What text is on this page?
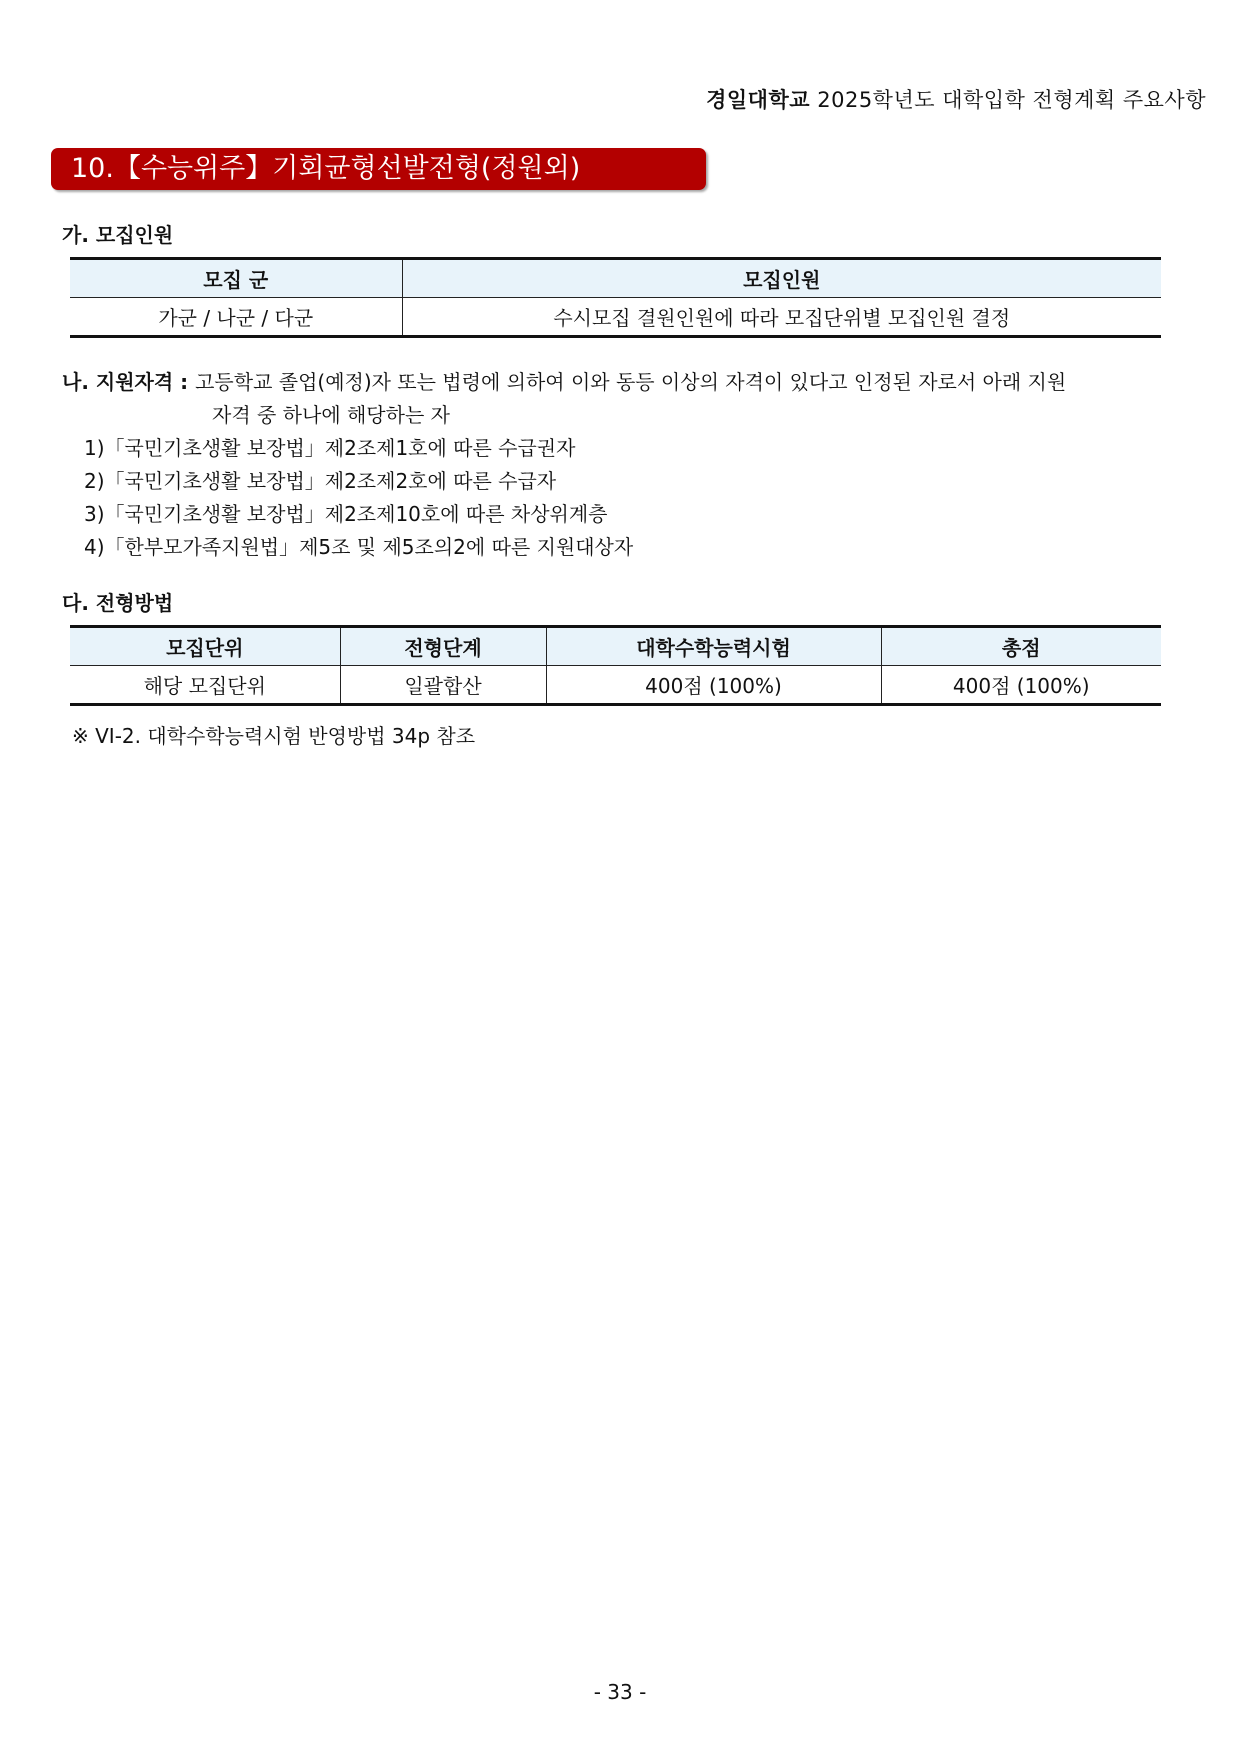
경일대학교 2025학년도 대학입학 전형계획 주요사항
10.【수능위주】기회균형선발전형(정원외)
가. 모집인원
모집 군	모집인원
가군 / 나군 / 다군	수시모집 결원인원에 따라 모집단위별 모집인원 결정
나. 지원자격 : 고등학교 졸업(예정)자 또는 법령에 의하여 이와 동등 이상의 자격이 있다고 인정된 자로서 아래 지원
자격 중 하나에 해당하는 자
1)「국민기초생활 보장법」제2조제1호에 따른 수급권자
2)「국민기초생활 보장법」제2조제2호에 따른 수급자
3)「국민기초생활 보장법」제2조제10호에 따른 차상위계층
4)「한부모가족지원법」제5조 및 제5조의2에 따른 지원대상자
다. 전형방법
모집단위	전형단계	대학수학능력시험	총점
해당 모집단위	일괄합산	400점 (100%)	400점 (100%)
※ VI-2. 대학수학능력시험 반영방법 34p 참조
- 33 -
